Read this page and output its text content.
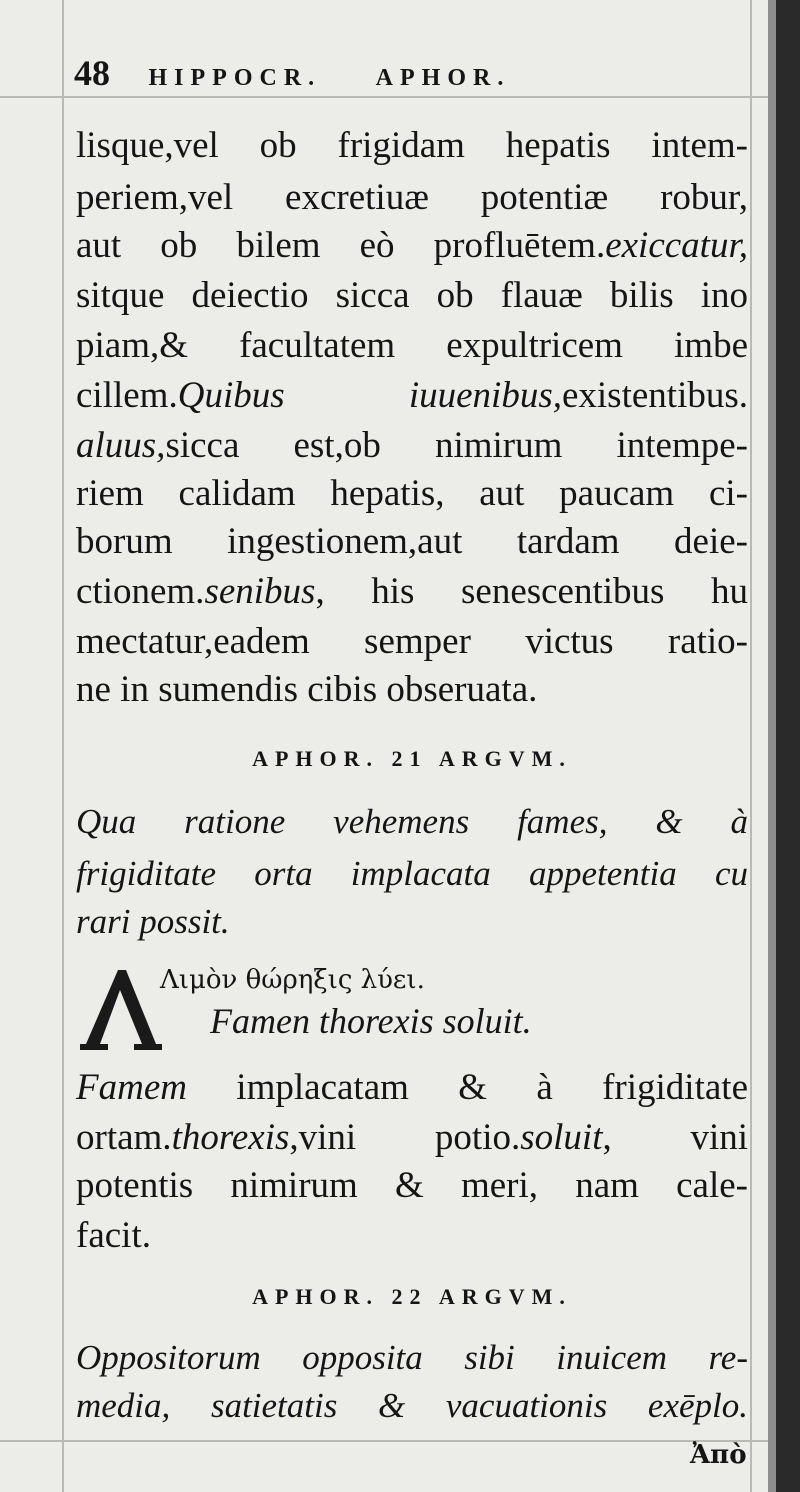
48 HIPPOCR. APHOR.
lisque,vel ob frigidam hepatis intem-
periem,vel excretiuæ potentiæ robur,
aut ob bilem eò profluētem.exiccatur,
sitque deiectio sicca ob flauæ bilis ino
piam,& facultatem expultricem imbe
cillem.Quibus iuuenibus,existentibus.
aluus,sicca est,ob nimirum intempe-
riem calidam hepatis, aut paucam ci-
borum ingestionem,aut tardam deie-
ctionem.senibus, his senescentibus hu
mectatur,eadem semper victus ratio-
ne in sumendis cibis obseruata.
APHOR. 21 ARGVM.
Qua ratione vehemens fames, & à
frigiditate orta implacata appetentia cu
rari possit.
Λιμὸν θώρηξις λύει.
Famen thorexis soluit.
Famem implacatam & à frigiditate
ortam.thorexis,vini potio.soluit, vini
potentis nimirum & meri, nam cale-
facit.
APHOR. 22 ARGVM.
Oppositorum opposita sibi inuicem re-
media, satietatis & vacuationis exēplo.
Ἀπὸ
